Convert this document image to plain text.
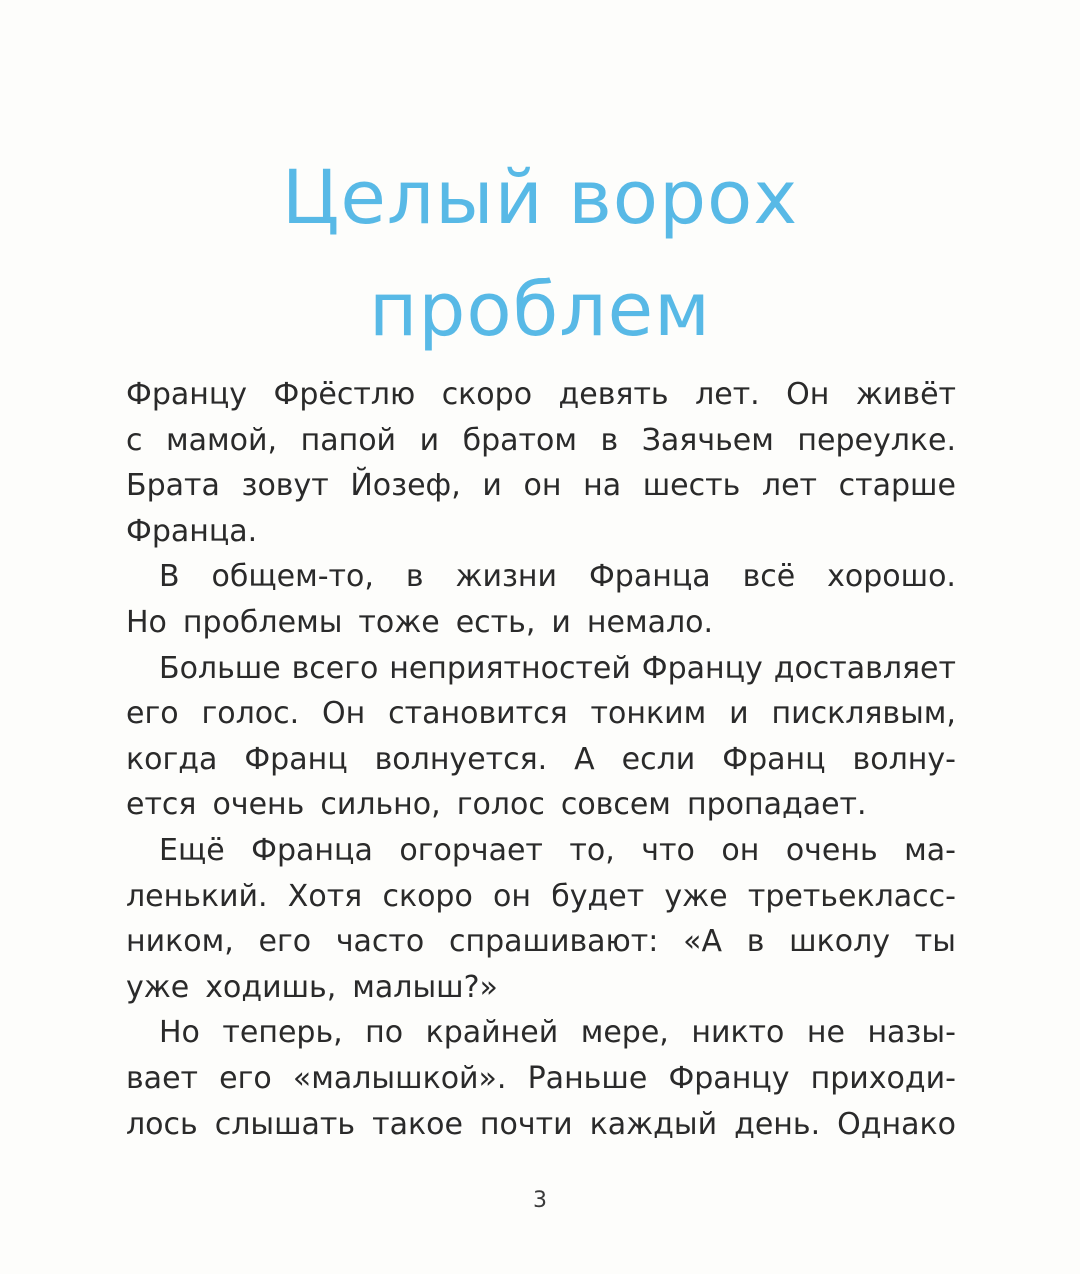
Целый ворох
проблем
Францу Фрёстлю скоро девять лет. Он живёт
с мамой, папой и братом в Заячьем переулке.
Брата зовут Йозеф, и он на шесть лет старше
Франца.
В общем-то, в жизни Франца всё хорошо.
Но проблемы тоже есть, и немало.
Больше всего неприятностей Францу доставляет
его голос. Он становится тонким и писклявым,
когда Франц волнуется. А если Франц волну-
ется очень сильно, голос совсем пропадает.
Ещё Франца огорчает то, что он очень ма-
ленький. Хотя скоро он будет уже третьекласс-
ником, его часто спрашивают: «А в школу ты
уже ходишь, малыш?»
Но теперь, по крайней мере, никто не назы-
вает его «малышкой». Раньше Францу приходи-
лось слышать такое почти каждый день. Однако
3
